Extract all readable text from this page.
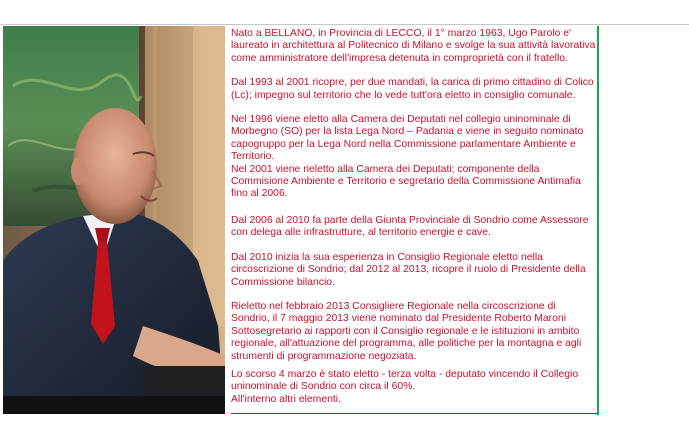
Nato a BELLANO, in Provincia di LECCO, il 1° marzo 1963, Ugo Parolo e' laureato in architettura al Politecnico di Milano e svolge la sua attività lavorativa come amministratore dell'impresa detenuta in comproprietà con il fratello.

Dal 1993 al 2001 ricopre, per due mandati, la carica di primo cittadino di Colico (Lc); impegno sul territorio che lo vede tutt'ora eletto in consiglio comunale.

Nel 1996 viene eletto alla Camera dei Deputati nel collegio uninominale di Morbegno (SO) per la lista Lega Nord – Padania e viene in seguito nominato capogruppo per la Lega Nord nella Commissione parlamentare Ambiente e Territorio.

Nel 2001 viene rieletto alla Camera dei Deputati; componente della Commisione Ambiente e Territorio e segretario della Commissione Antimafia fino al 2006.

Dal 2006 al 2010 fa parte della Giunta Provinciale di Sondrio come Assessore con delega alle infrastrutture, al territorio energie e cave.

Dal 2010 inizia la sua esperienza in Consiglio Regionale eletto nella circoscrizione di Sondrio; dal 2012 al 2013, ricopre il ruolo di Presidente della Commissione bilancio.

Rieletto nel febbraio 2013 Consigliere Regionale nella circoscrizione di Sondrio, il 7 maggio 2013 viene nominato dal Presidente Roberto Maroni Sottosegretario ai rapporti con il Consiglio regionale e le istituzioni in ambito regionale, all'attuazione del programma, alle politiche per la montagna e agli strumenti di programmazione negoziata.

Lo scorso 4 marzo è stato eletto - terza volta - deputato vincendo il Collegio uninominale di Sondrio con circa il 60%.

All'interno altri elementi.
